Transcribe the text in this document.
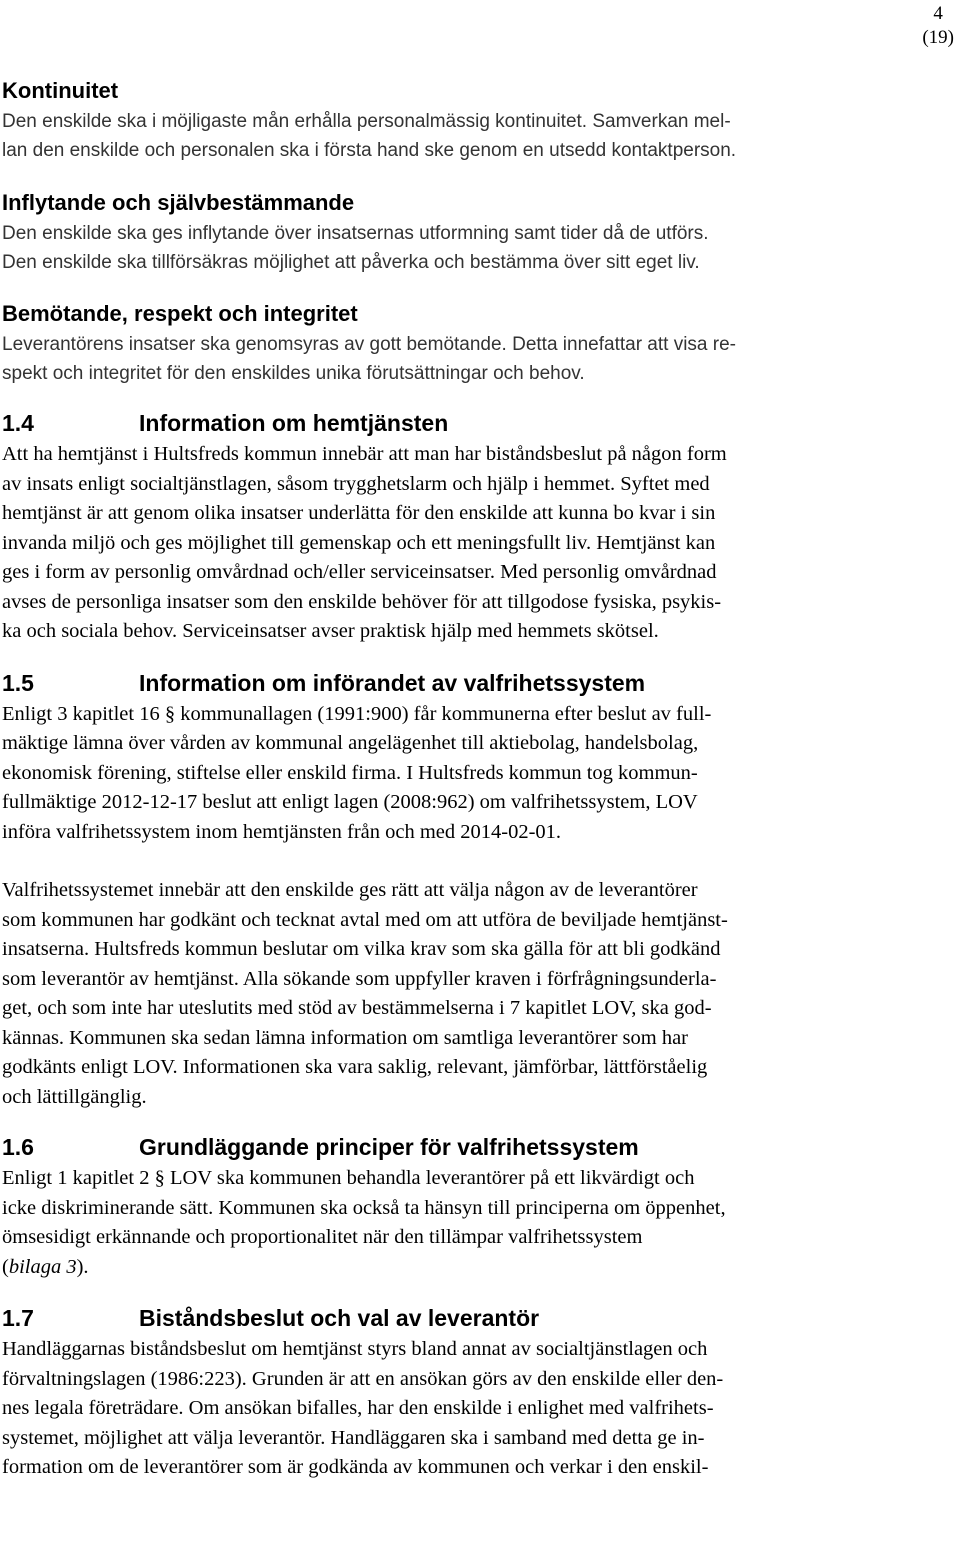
4
(19)
Kontinuitet
Den enskilde ska i möjligaste mån erhålla personalmässig kontinuitet. Samverkan mel-
lan den enskilde och personalen ska i första hand ske genom en utsedd kontaktperson.
Inflytande och självbestämmande
Den enskilde ska ges inflytande över insatsernas utformning samt tider då de utförs.
Den enskilde ska tillförsäkras möjlighet att påverka och bestämma över sitt eget liv.
Bemötande, respekt och integritet
Leverantörens insatser ska genomsyras av gott bemötande. Detta innefattar att visa re-
spekt och integritet för den enskildes unika förutsättningar och behov.
1.4	Information om hemtjänsten
Att ha hemtjänst i Hultsfreds kommun innebär att man har biståndsbeslut på någon form
av insats enligt socialtjänstlagen, såsom trygghetslarm och hjälp i hemmet. Syftet med
hemtjänst är att genom olika insatser underlätta för den enskilde att kunna bo kvar i sin
invanda miljö och ges möjlighet till gemenskap och ett meningsfullt liv. Hemtjänst kan
ges i form av personlig omvårdnad och/eller serviceinsatser. Med personlig omvårdnad
avses de personliga insatser som den enskilde behöver för att tillgodose fysiska, psykis-
ka och sociala behov. Serviceinsatser avser praktisk hjälp med hemmets skötsel.
1.5	Information om införandet av valfrihetssystem
Enligt 3 kapitlet 16 § kommunallagen (1991:900) får kommunerna efter beslut av full-
mäktige lämna över vården av kommunal angelägenhet till aktiebolag, handelsbolag,
ekonomisk förening, stiftelse eller enskild firma. I Hultsfreds kommun tog kommun-
fullmäktige 2012-12-17 beslut att enligt lagen (2008:962) om valfrihetssystem, LOV
införa valfrihetssystem inom hemtjänsten från och med 2014-02-01.
Valfrihetssystemet innebär att den enskilde ges rätt att välja någon av de leverantörer
som kommunen har godkänt och tecknat avtal med om att utföra de beviljade hemtjänst-
insatserna. Hultsfreds kommun beslutar om vilka krav som ska gälla för att bli godkänd
som leverantör av hemtjänst. Alla sökande som uppfyller kraven i förfrågningsunderla-
get, och som inte har uteslutits med stöd av bestämmelserna i 7 kapitlet LOV, ska god-
kännas. Kommunen ska sedan lämna information om samtliga leverantörer som har
godkänts enligt LOV. Informationen ska vara saklig, relevant, jämförbar, lättförståelig
och lättillgänglig.
1.6	Grundläggande principer för valfrihetssystem
Enligt 1 kapitlet 2 § LOV ska kommunen behandla leverantörer på ett likvärdigt och
icke diskriminerande sätt. Kommunen ska också ta hänsyn till principerna om öppenhet,
ömsesidigt erkännande och proportionalitet när den tillämpar valfrihetssystem
(bilaga 3).
1.7	Biståndsbeslut och val av leverantör
Handläggarnas biståndsbeslut om hemtjänst styrs bland annat av socialtjänstlagen och
förvaltningslagen (1986:223). Grunden är att en ansökan görs av den enskilde eller den-
nes legala företrädare. Om ansökan bifalles, har den enskilde i enlighet med valfrihets-
systemet, möjlighet att välja leverantör. Handläggaren ska i samband med detta ge in-
formation om de leverantörer som är godkända av kommunen och verkar i den enskil-
